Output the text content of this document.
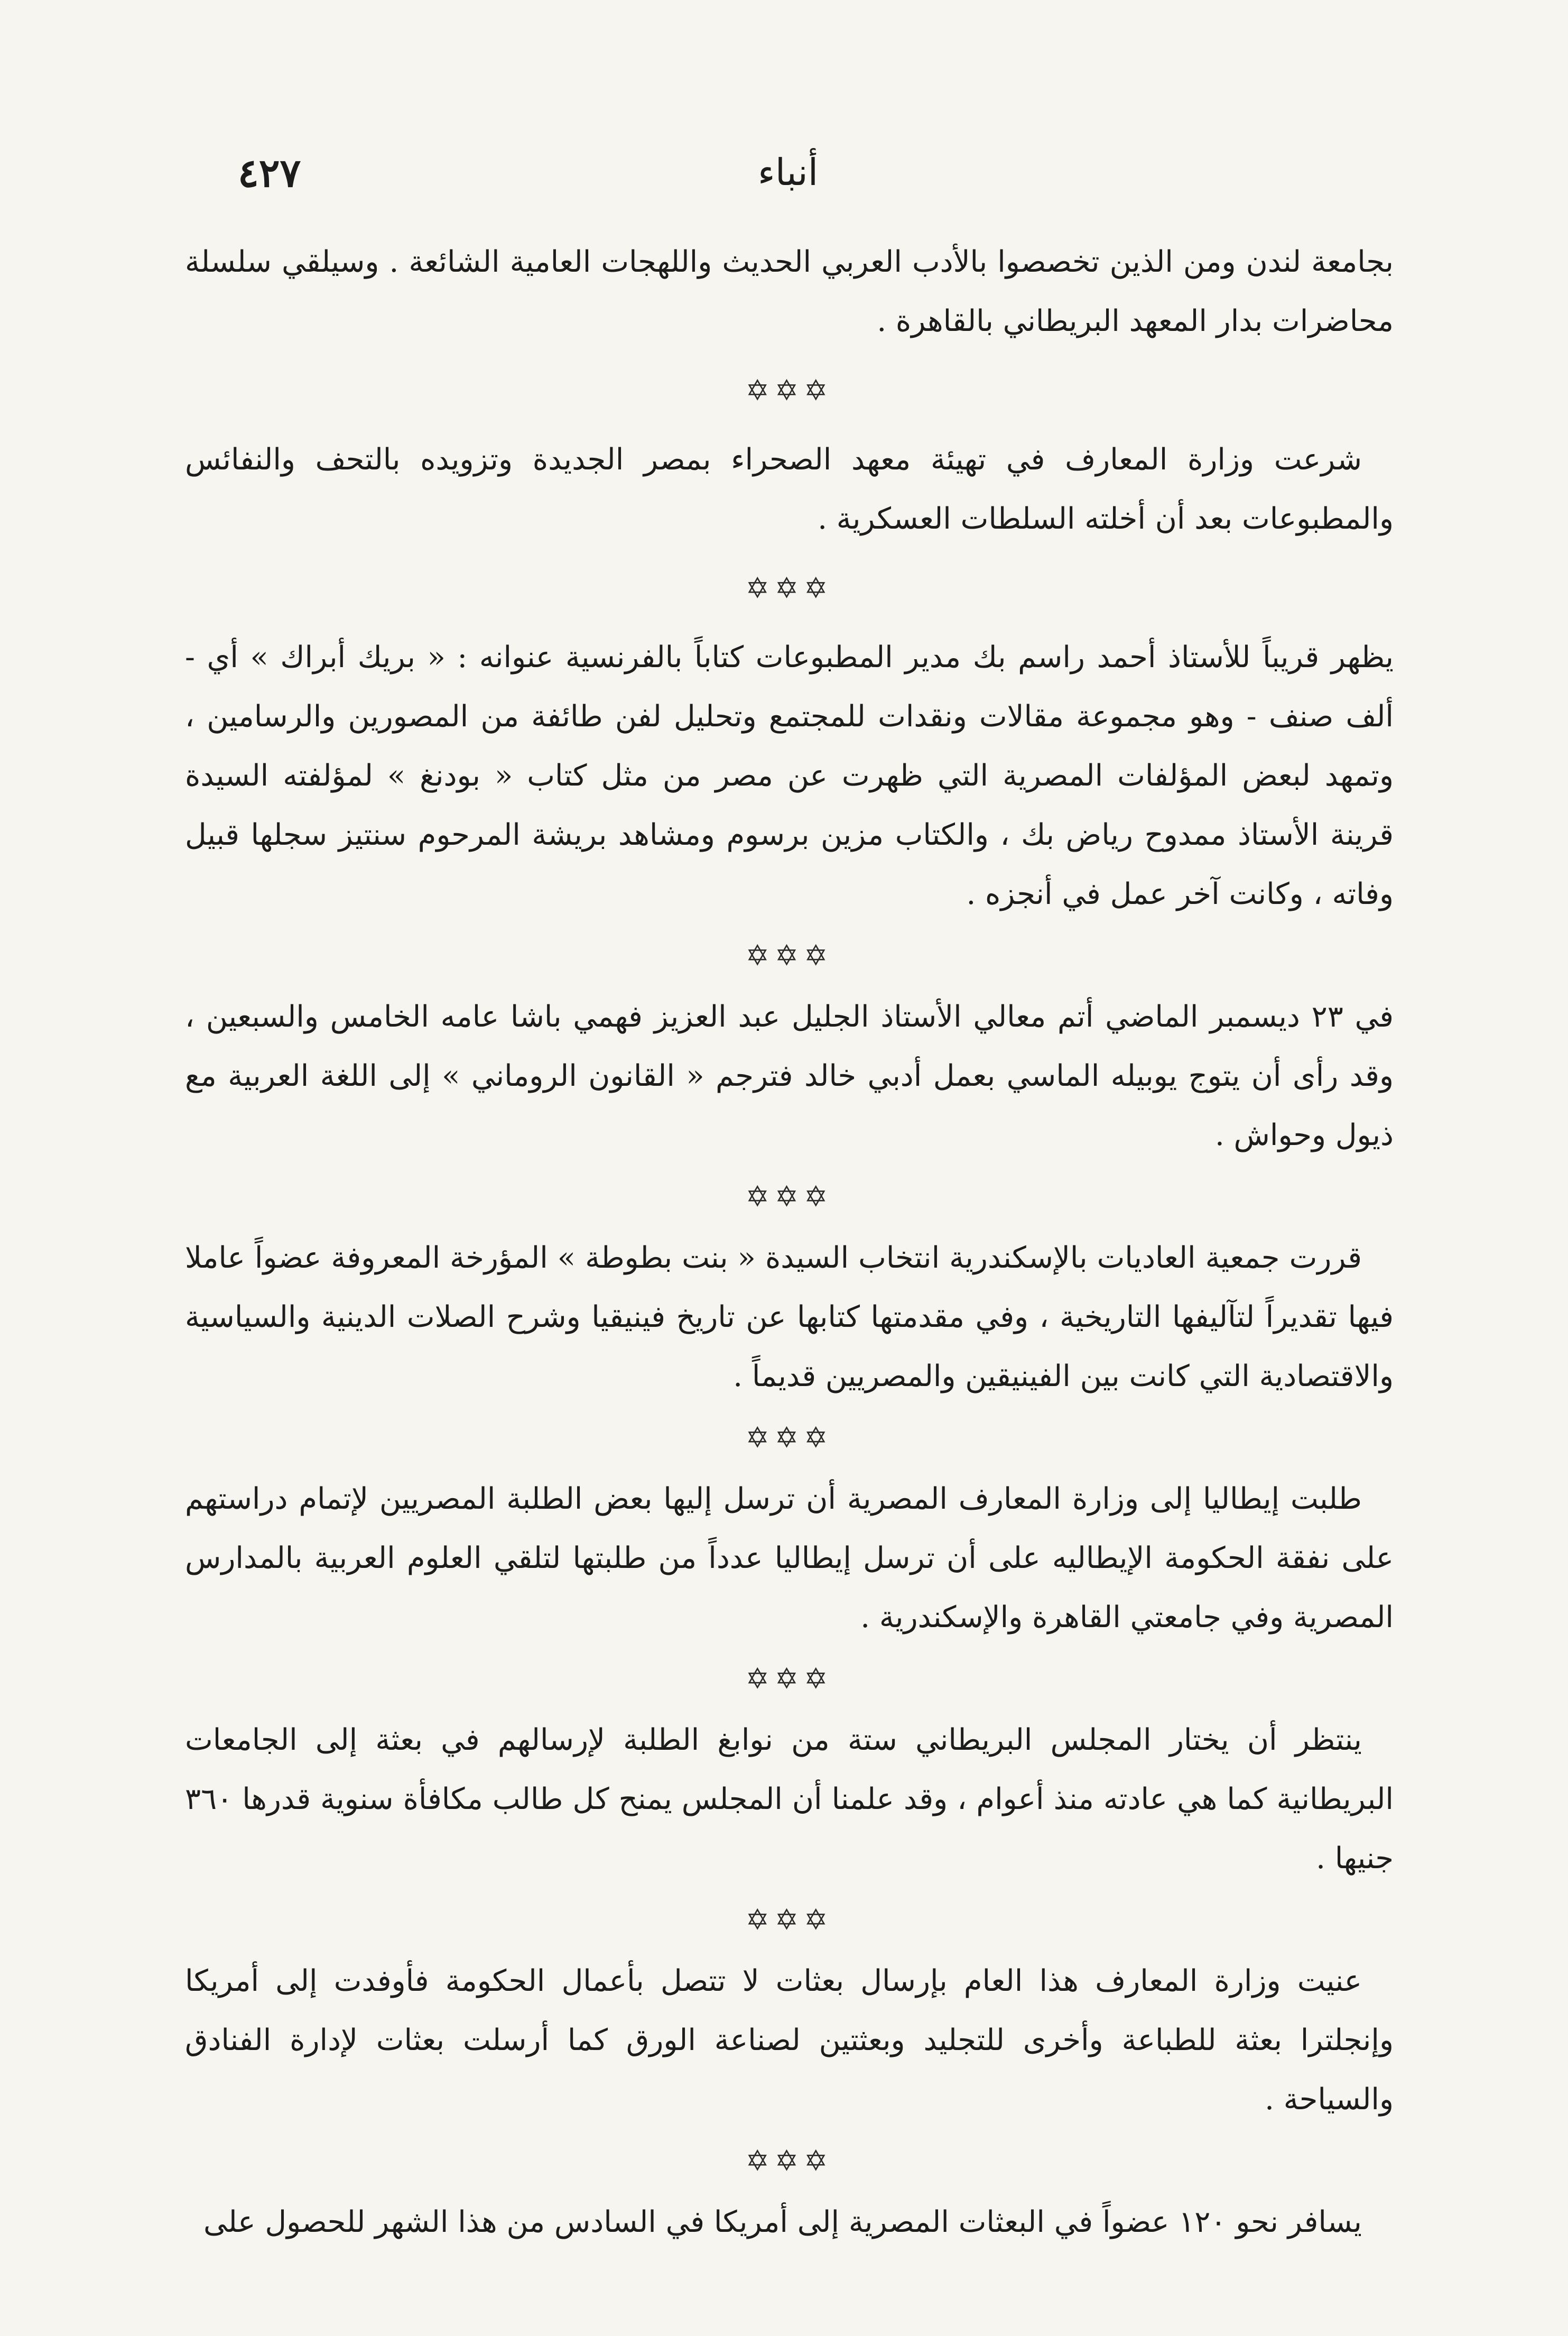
أنباء
٤٢٧

بجامعة لندن ومن الذين تخصصوا بالأدب العربي الحديث واللهجات العامية الشائعة . وسيلقي سلسلة محاضرات بدار المعهد البريطاني بالقاهرة .

✡✡✡

شرعت وزارة المعارف في تهيئة معهد الصحراء بمصر الجديدة وتزويده بالتحف والنفائس والمطبوعات بعد أن أخلته السلطات العسكرية .

✡✡✡

يظهر قريباً للأستاذ أحمد راسم بك مدير المطبوعات كتاباً بالفرنسية عنوانه : « بريك أبراك » أي - ألف صنف - وهو مجموعة مقالات ونقدات للمجتمع وتحليل لفن طائفة من المصورين والرسامين ، وتمهد لبعض المؤلفات المصرية التي ظهرت عن مصر من مثل كتاب « بودنغ » لمؤلفته السيدة قرينة الأستاذ ممدوح رياض بك ، والكتاب مزين برسوم ومشاهد بريشة المرحوم سنتيز سجلها قبيل وفاته ، وكانت آخر عمل في أنجزه .

✡✡✡

في ٢٣ ديسمبر الماضي أتم معالي الأستاذ الجليل عبد العزيز فهمي باشا عامه الخامس والسبعين ، وقد رأى أن يتوج يوبيله الماسي بعمل أدبي خالد فترجم « القانون الروماني » إلى اللغة العربية مع ذيول وحواش .

✡✡✡

قررت جمعية العاديات بالإسكندرية انتخاب السيدة « بنت بطوطة » المؤرخة المعروفة عضواً عاملا فيها تقديراً لتآليفها التاريخية ، وفي مقدمتها كتابها عن تاريخ فينيقيا وشرح الصلات الدينية والسياسية والاقتصادية التي كانت بين الفينيقين والمصريين قديماً .

✡✡✡

طلبت إيطاليا إلى وزارة المعارف المصرية أن ترسل إليها بعض الطلبة المصريين لإتمام دراستهم على نفقة الحكومة الإيطاليه على أن ترسل إيطاليا عدداً من طلبتها لتلقي العلوم العربية بالمدارس المصرية وفي جامعتي القاهرة والإسكندرية .

✡✡✡

ينتظر أن يختار المجلس البريطاني ستة من نوابغ الطلبة لإرسالهم في بعثة إلى الجامعات البريطانية كما هي عادته منذ أعوام ، وقد علمنا أن المجلس يمنح كل طالب مكافأة سنوية قدرها ٣٦٠ جنيها .

✡✡✡

عنيت وزارة المعارف هذا العام بإرسال بعثات لا تتصل بأعمال الحكومة فأوفدت إلى أمريكا وإنجلترا بعثة للطباعة وأخرى للتجليد وبعثتين لصناعة الورق كما أرسلت بعثات لإدارة الفنادق والسياحة .

✡✡✡

يسافر نحو ١٢٠ عضواً في البعثات المصرية إلى أمريكا في السادس من هذا الشهر للحصول على
